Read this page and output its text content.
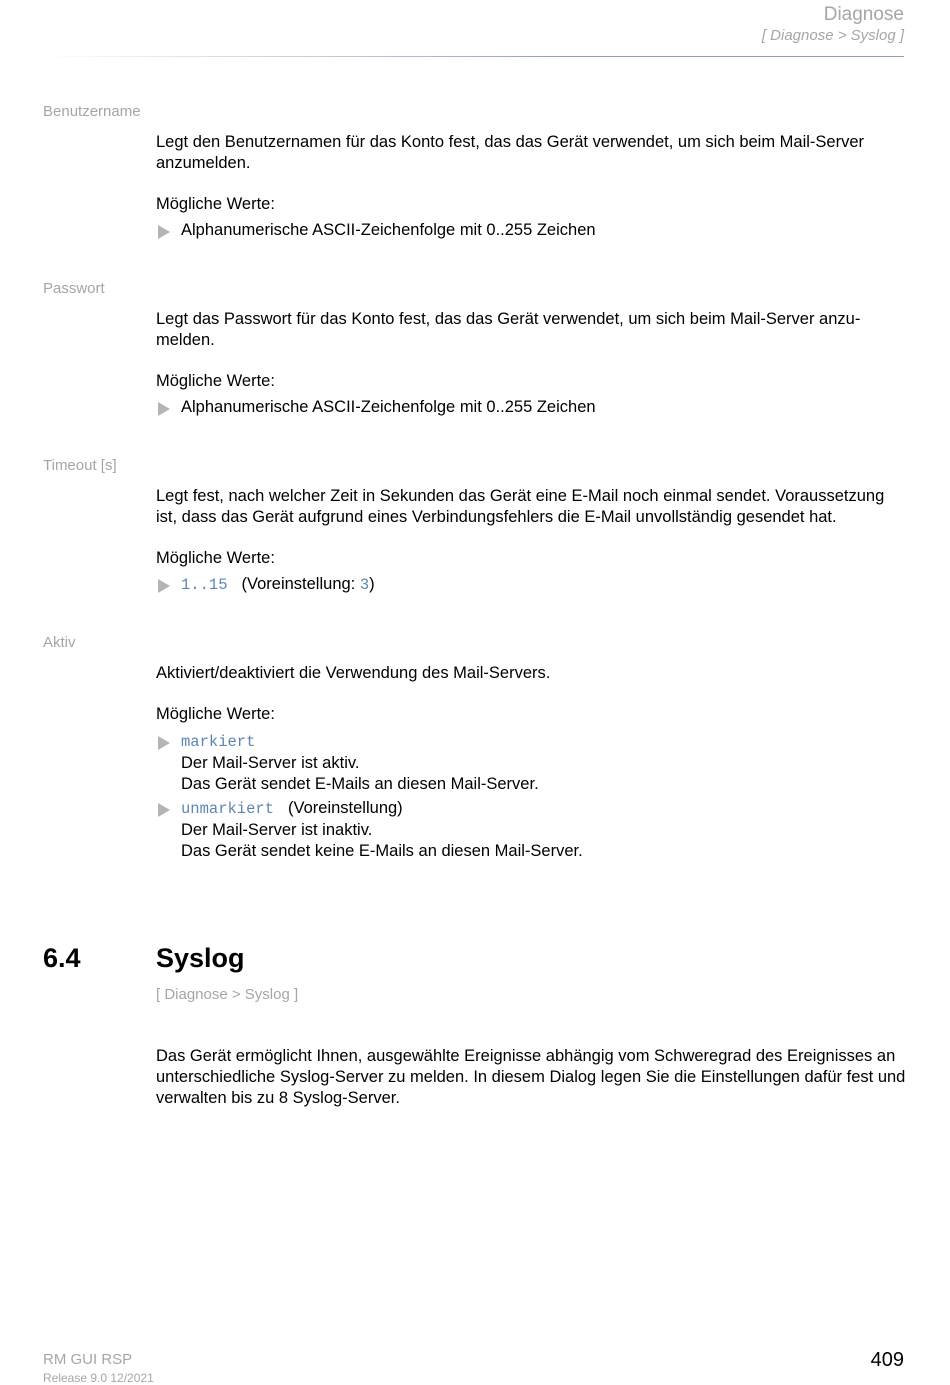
Diagnose
[ Diagnose > Syslog ]
Benutzername
Legt den Benutzernamen für das Konto fest, das das Gerät verwendet, um sich beim Mail-Server anzumelden.
Mögliche Werte:
Alphanumerische ASCII-Zeichenfolge mit 0..255 Zeichen
Passwort
Legt das Passwort für das Konto fest, das das Gerät verwendet, um sich beim Mail-Server anzumelden.
Mögliche Werte:
Alphanumerische ASCII-Zeichenfolge mit 0..255 Zeichen
Timeout [s]
Legt fest, nach welcher Zeit in Sekunden das Gerät eine E-Mail noch einmal sendet. Voraussetzung ist, dass das Gerät aufgrund eines Verbindungsfehlers die E-Mail unvollständig gesendet hat.
Mögliche Werte:
1..15 (Voreinstellung: 3)
Aktiv
Aktiviert/deaktiviert die Verwendung des Mail-Servers.
Mögliche Werte:
markiert
Der Mail-Server ist aktiv.
Das Gerät sendet E-Mails an diesen Mail-Server.
unmarkiert (Voreinstellung)
Der Mail-Server ist inaktiv.
Das Gerät sendet keine E-Mails an diesen Mail-Server.
6.4	Syslog
[ Diagnose > Syslog ]
Das Gerät ermöglicht Ihnen, ausgewählte Ereignisse abhängig vom Schweregrad des Ereignisses an unterschiedliche Syslog-Server zu melden. In diesem Dialog legen Sie die Einstellungen dafür fest und verwalten bis zu 8 Syslog-Server.
RM GUI RSP
Release 9.0 12/2021
409
